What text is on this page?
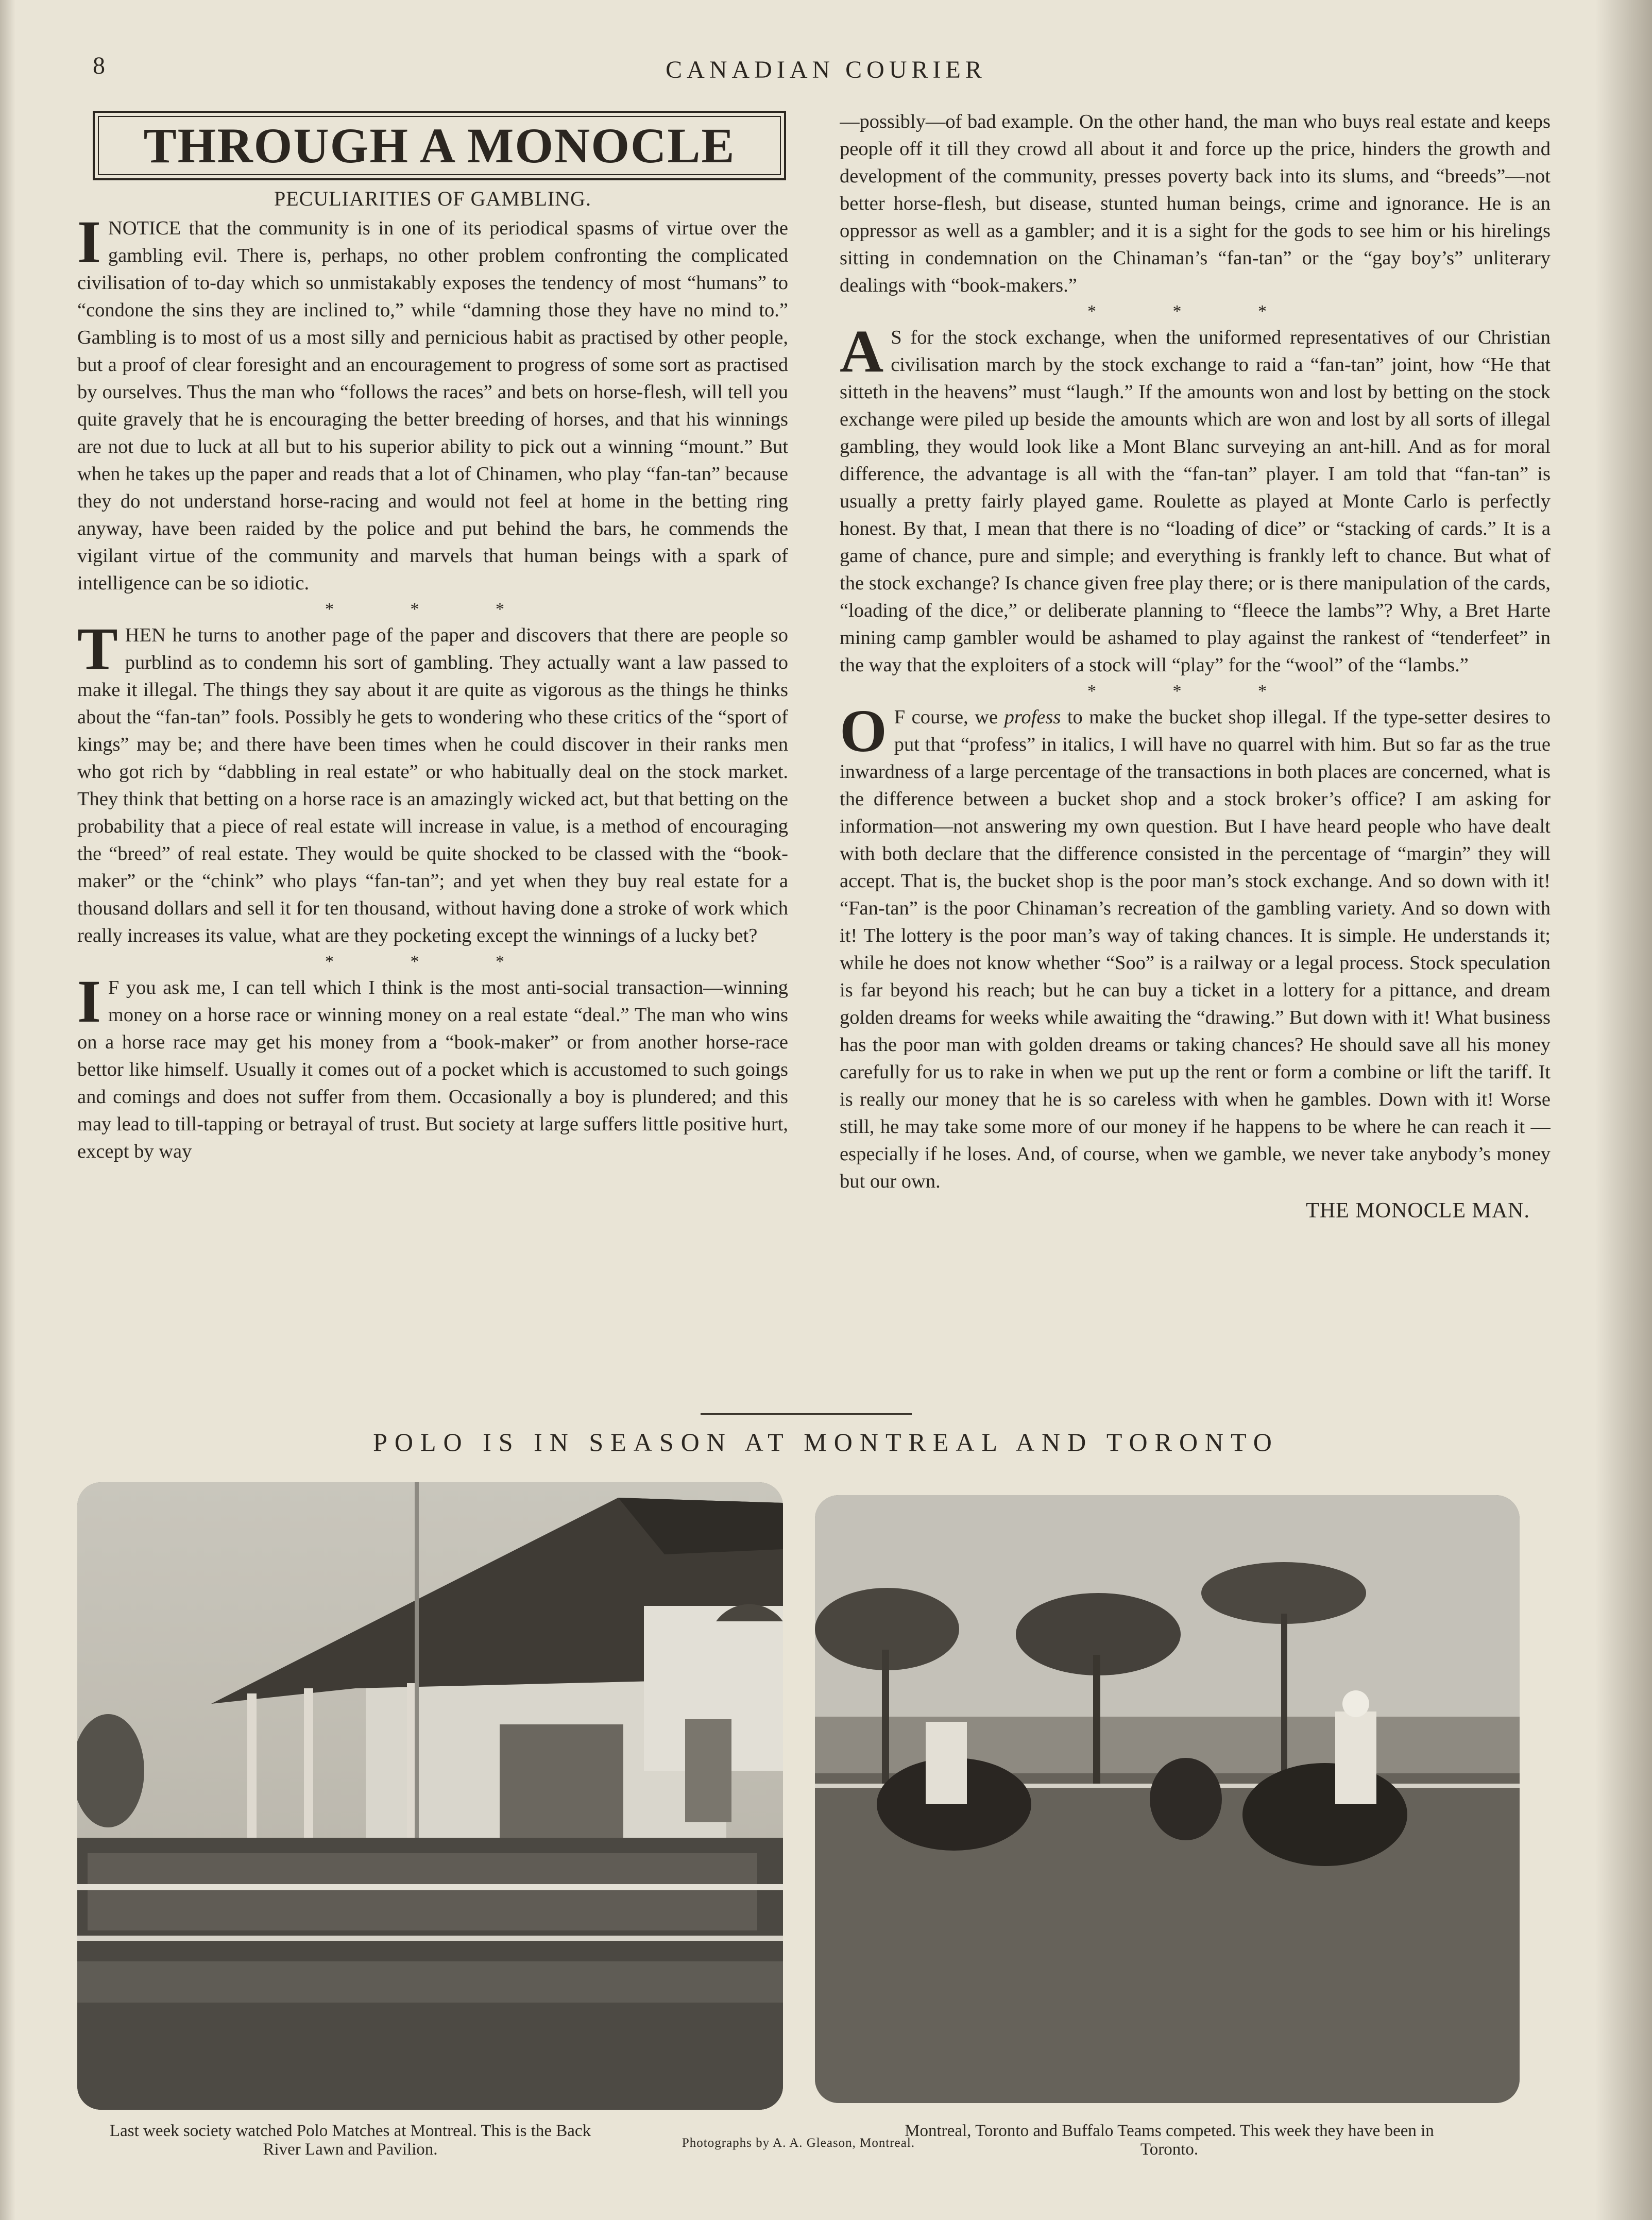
8	CANADIAN COURIER
THROUGH A MONOCLE
PECULIARITIES OF GAMBLING.

I NOTICE that the community is in one of its periodical spasms of virtue over the gambling evil. There is, perhaps, no other problem confronting the complicated civilisation of to-day which so unmistakably exposes the tendency of most “humans” to “condone the sins they are inclined to,” while “damning those they have no mind to.” Gambling is to most of us a most silly and pernicious habit as practised by other people, but a proof of clear foresight and an encouragement to progress of some sort as practised by ourselves. Thus the man who “follows the races” and bets on horse-flesh, will tell you quite gravely that he is encouraging the better breeding of horses, and that his winnings are not due to luck at all but to his superior ability to pick out a winning “mount.” But when he takes up the paper and reads that a lot of Chinamen, who play “fan-tan” because they do not understand horse-racing and would not feel at home in the betting ring anyway, have been raided by the police and put behind the bars, he commends the vigilant virtue of the community and marvels that human beings with a spark of intelligence can be so idiotic.

* * *

THEN he turns to another page of the paper and discovers that there are people so purblind as to condemn his sort of gambling. They actually want a law passed to make it illegal. The things they say about it are quite as vigorous as the things he thinks about the “fan-tan” fools. Possibly he gets to wondering who these critics of the “sport of kings” may be; and there have been times when he could discover in their ranks men who got rich by “dabbling in real estate” or who habitually deal on the stock market. They think that betting on a horse race is an amazingly wicked act, but that betting on the probability that a piece of real estate will increase in value, is a method of encouraging the “breed” of real estate. They would be quite shocked to be classed with the “book-maker” or the “chink” who plays “fan-tan”; and yet when they buy real estate for a thousand dollars and sell it for ten thousand, without having done a stroke of work which really increases its value, what are they pocketing except the winnings of a lucky bet?

* * *

I F you ask me, I can tell which I think is the most anti-social transaction—winning money on a horse race or winning money on a real estate “deal.” The man who wins on a horse race may get his money from a “book-maker” or from another horse-race bettor like himself. Usually it comes out of a pocket which is accustomed to such goings and comings and does not suffer from them. Occasionally a boy is plundered; and this may lead to till-tapping or betrayal of trust. But society at large suffers little positive hurt, except by way

—possibly—of bad example. On the other hand, the man who buys real estate and keeps people off it till they crowd all about it and force up the price, hinders the growth and development of the community, presses poverty back into its slums, and “breeds”—not better horse-flesh, but disease, stunted human beings, crime and ignorance. He is an oppressor as well as a gambler; and it is a sight for the gods to see him or his hirelings sitting in condemnation on the Chinaman’s “fan-tan” or the “gay boy’s” unliterary dealings with “book-makers.”

* * *

A S for the stock exchange, when the uniformed representatives of our Christian civilisation march by the stock exchange to raid a “fan-tan” joint, how “He that sitteth in the heavens” must “laugh.” If the amounts won and lost by betting on the stock exchange were piled up beside the amounts which are won and lost by all sorts of illegal gambling, they would look like a Mont Blanc surveying an ant-hill. And as for moral difference, the advantage is all with the “fan-tan” player. I am told that “fan-tan” is usually a pretty fairly played game. Roulette as played at Monte Carlo is perfectly honest. By that, I mean that there is no “loading of dice” or “stacking of cards.” It is a game of chance, pure and simple; and everything is frankly left to chance. But what of the stock exchange? Is chance given free play there; or is there manipulation of the cards, “loading of the dice,” or deliberate planning to “fleece the lambs”? Why, a Bret Harte mining camp gambler would be ashamed to play against the rankest of “tenderfeet” in the way that the exploiters of a stock will “play” for the “wool” of the “lambs.”

* * *

O F course, we profess to make the bucket shop illegal. If the type-setter desires to put that “profess” in italics, I will have no quarrel with him. But so far as the true inwardness of a large percentage of the transactions in both places are concerned, what is the difference between a bucket shop and a stock broker’s office? I am asking for information—not answering my own question. But I have heard people who have dealt with both declare that the difference consisted in the percentage of “margin” they will accept. That is, the bucket shop is the poor man’s stock exchange. And so down with it! “Fan-tan” is the poor Chinaman’s recreation of the gambling variety. And so down with it! The lottery is the poor man’s way of taking chances. It is simple. He understands it; while he does not know whether “Soo” is a railway or a legal process. Stock speculation is far beyond his reach; but he can buy a ticket in a lottery for a pittance, and dream golden dreams for weeks while awaiting the “drawing.” But down with it! What business has the poor man with golden dreams or taking chances? He should save all his money carefully for us to rake in when we put up the rent or form a combine or lift the tariff. It is really our money that he is so careless with when he gambles. Down with it! Worse still, he may take some more of our money if he happens to be where he can reach it — especially if he loses. And, of course, when we gamble, we never take anybody’s money but our own.

THE MONOCLE MAN.
POLO IS IN SEASON AT MONTREAL AND TORONTO
Last week society watched Polo Matches at Montreal. This is the Back River Lawn and Pavilion.	Photographs by A. A. Gleason, Montreal.
Montreal, Toronto and Buffalo Teams competed. This week they have been in Toronto.
